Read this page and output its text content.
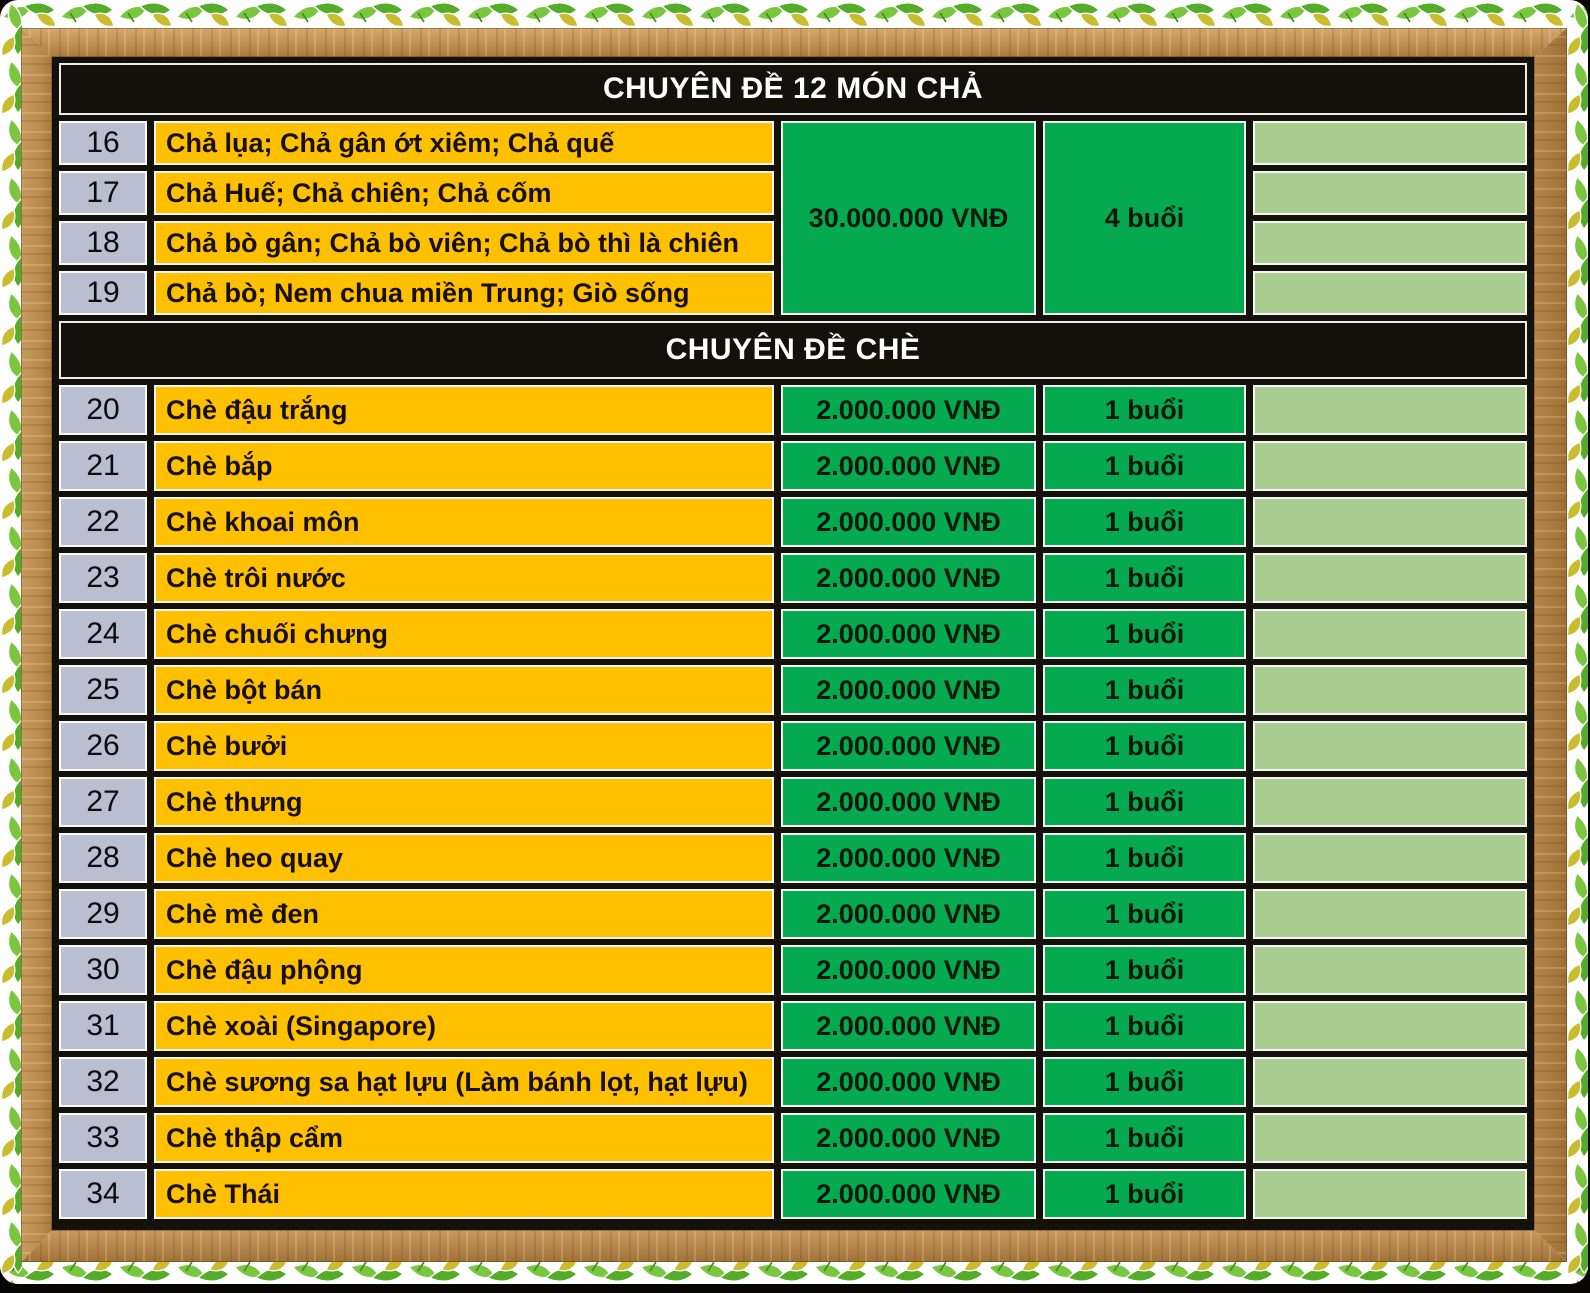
CHUYÊN ĐỀ 12 MÓN CHẢ				
16	Chả lụa; Chả gân ớt xiêm; Chả quế	30.000.000 VNĐ	4 buổi	
17	Chả Huế; Chả chiên; Chả cốm			
18	Chả bò gân; Chả bò viên; Chả bò thì là chiên			
19	Chả bò; Nem chua miền Trung; Giò sống			
CHUYÊN ĐỀ CHÈ				
20	Chè đậu trắng	2.000.000 VNĐ	1 buổi	
21	Chè bắp	2.000.000 VNĐ	1 buổi	
22	Chè khoai môn	2.000.000 VNĐ	1 buổi	
23	Chè trôi nước	2.000.000 VNĐ	1 buổi	
24	Chè chuối chưng	2.000.000 VNĐ	1 buổi	
25	Chè bột bán	2.000.000 VNĐ	1 buổi	
26	Chè bưởi	2.000.000 VNĐ	1 buổi	
27	Chè thưng	2.000.000 VNĐ	1 buổi	
28	Chè heo quay	2.000.000 VNĐ	1 buổi	
29	Chè mè đen	2.000.000 VNĐ	1 buổi	
30	Chè đậu phộng	2.000.000 VNĐ	1 buổi	
31	Chè xoài (Singapore)	2.000.000 VNĐ	1 buổi	
32	Chè sương sa hạt lựu (Làm bánh lọt, hạt lựu)	2.000.000 VNĐ	1 buổi	
33	Chè thập cẩm	2.000.000 VNĐ	1 buổi	
34	Chè Thái	2.000.000 VNĐ	1 buổi	
